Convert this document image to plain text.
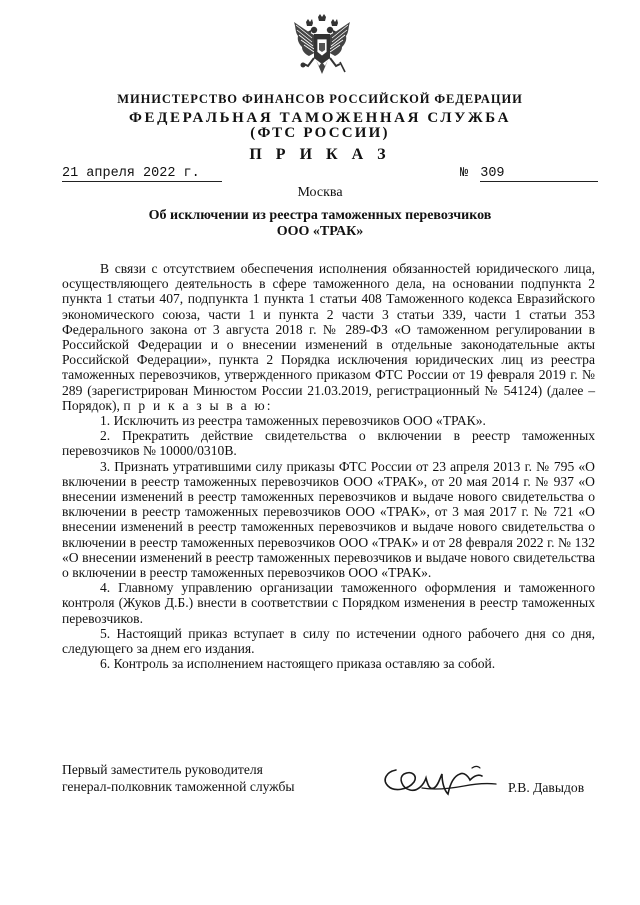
МИНИСТЕРСТВО ФИНАНСОВ РОССИЙСКОЙ ФЕДЕРАЦИИ
ФЕДЕРАЛЬНАЯ ТАМОЖЕННАЯ СЛУЖБА
(ФТС РОССИИ)
П Р И К А З
21 апреля 2022 г.	№ 309
Москва
Об исключении из реестра таможенных перевозчиков
ООО «ТРАК»

В связи с отсутствием обеспечения исполнения обязанностей юридического лица, осуществляющего деятельность в сфере таможенного дела, на основании подпункта 2 пункта 1 статьи 407, подпункта 1 пункта 1 статьи 408 Таможенного кодекса Евразийского экономического союза, части 1 и пункта 2 части 3 статьи 339, части 1 статьи 353 Федерального закона от 3 августа 2018 г. № 289-ФЗ «О таможенном регулировании в Российской Федерации и о внесении изменений в отдельные законодательные акты Российской Федерации», пункта 2 Порядка исключения юридических лиц из реестра таможенных перевозчиков, утвержденного приказом ФТС России от 19 февраля 2019 г. № 289 (зарегистрирован Минюстом России 21.03.2019, регистрационный № 54124) (далее – Порядок), п р и к а з ы в а ю:

1. Исключить из реестра таможенных перевозчиков ООО «ТРАК».

2. Прекратить действие свидетельства о включении в реестр таможенных перевозчиков № 10000/0310В.

3. Признать утратившими силу приказы ФТС России от 23 апреля 2013 г. № 795 «О включении в реестр таможенных перевозчиков ООО «ТРАК», от 20 мая 2014 г. № 937 «О внесении изменений в реестр таможенных перевозчиков и выдаче нового свидетельства о включении в реестр таможенных перевозчиков ООО «ТРАК», от 3 мая 2017 г. № 721 «О внесении изменений в реестр таможенных перевозчиков и выдаче нового свидетельства о включении в реестр таможенных перевозчиков ООО «ТРАК» и от 28 февраля 2022 г. № 132 «О внесении изменений в реестр таможенных перевозчиков и выдаче нового свидетельства о включении в реестр таможенных перевозчиков ООО «ТРАК».

4. Главному управлению организации таможенного оформления и таможенного контроля (Жуков Д.Б.) внести в соответствии с Порядком изменения в реестр таможенных перевозчиков.

5. Настоящий приказ вступает в силу по истечении одного рабочего дня со дня, следующего за днем его издания.

6. Контроль за исполнением настоящего приказа оставляю за собой.

Первый заместитель руководителя
генерал-полковник таможенной службы	Р.В. Давыдов
